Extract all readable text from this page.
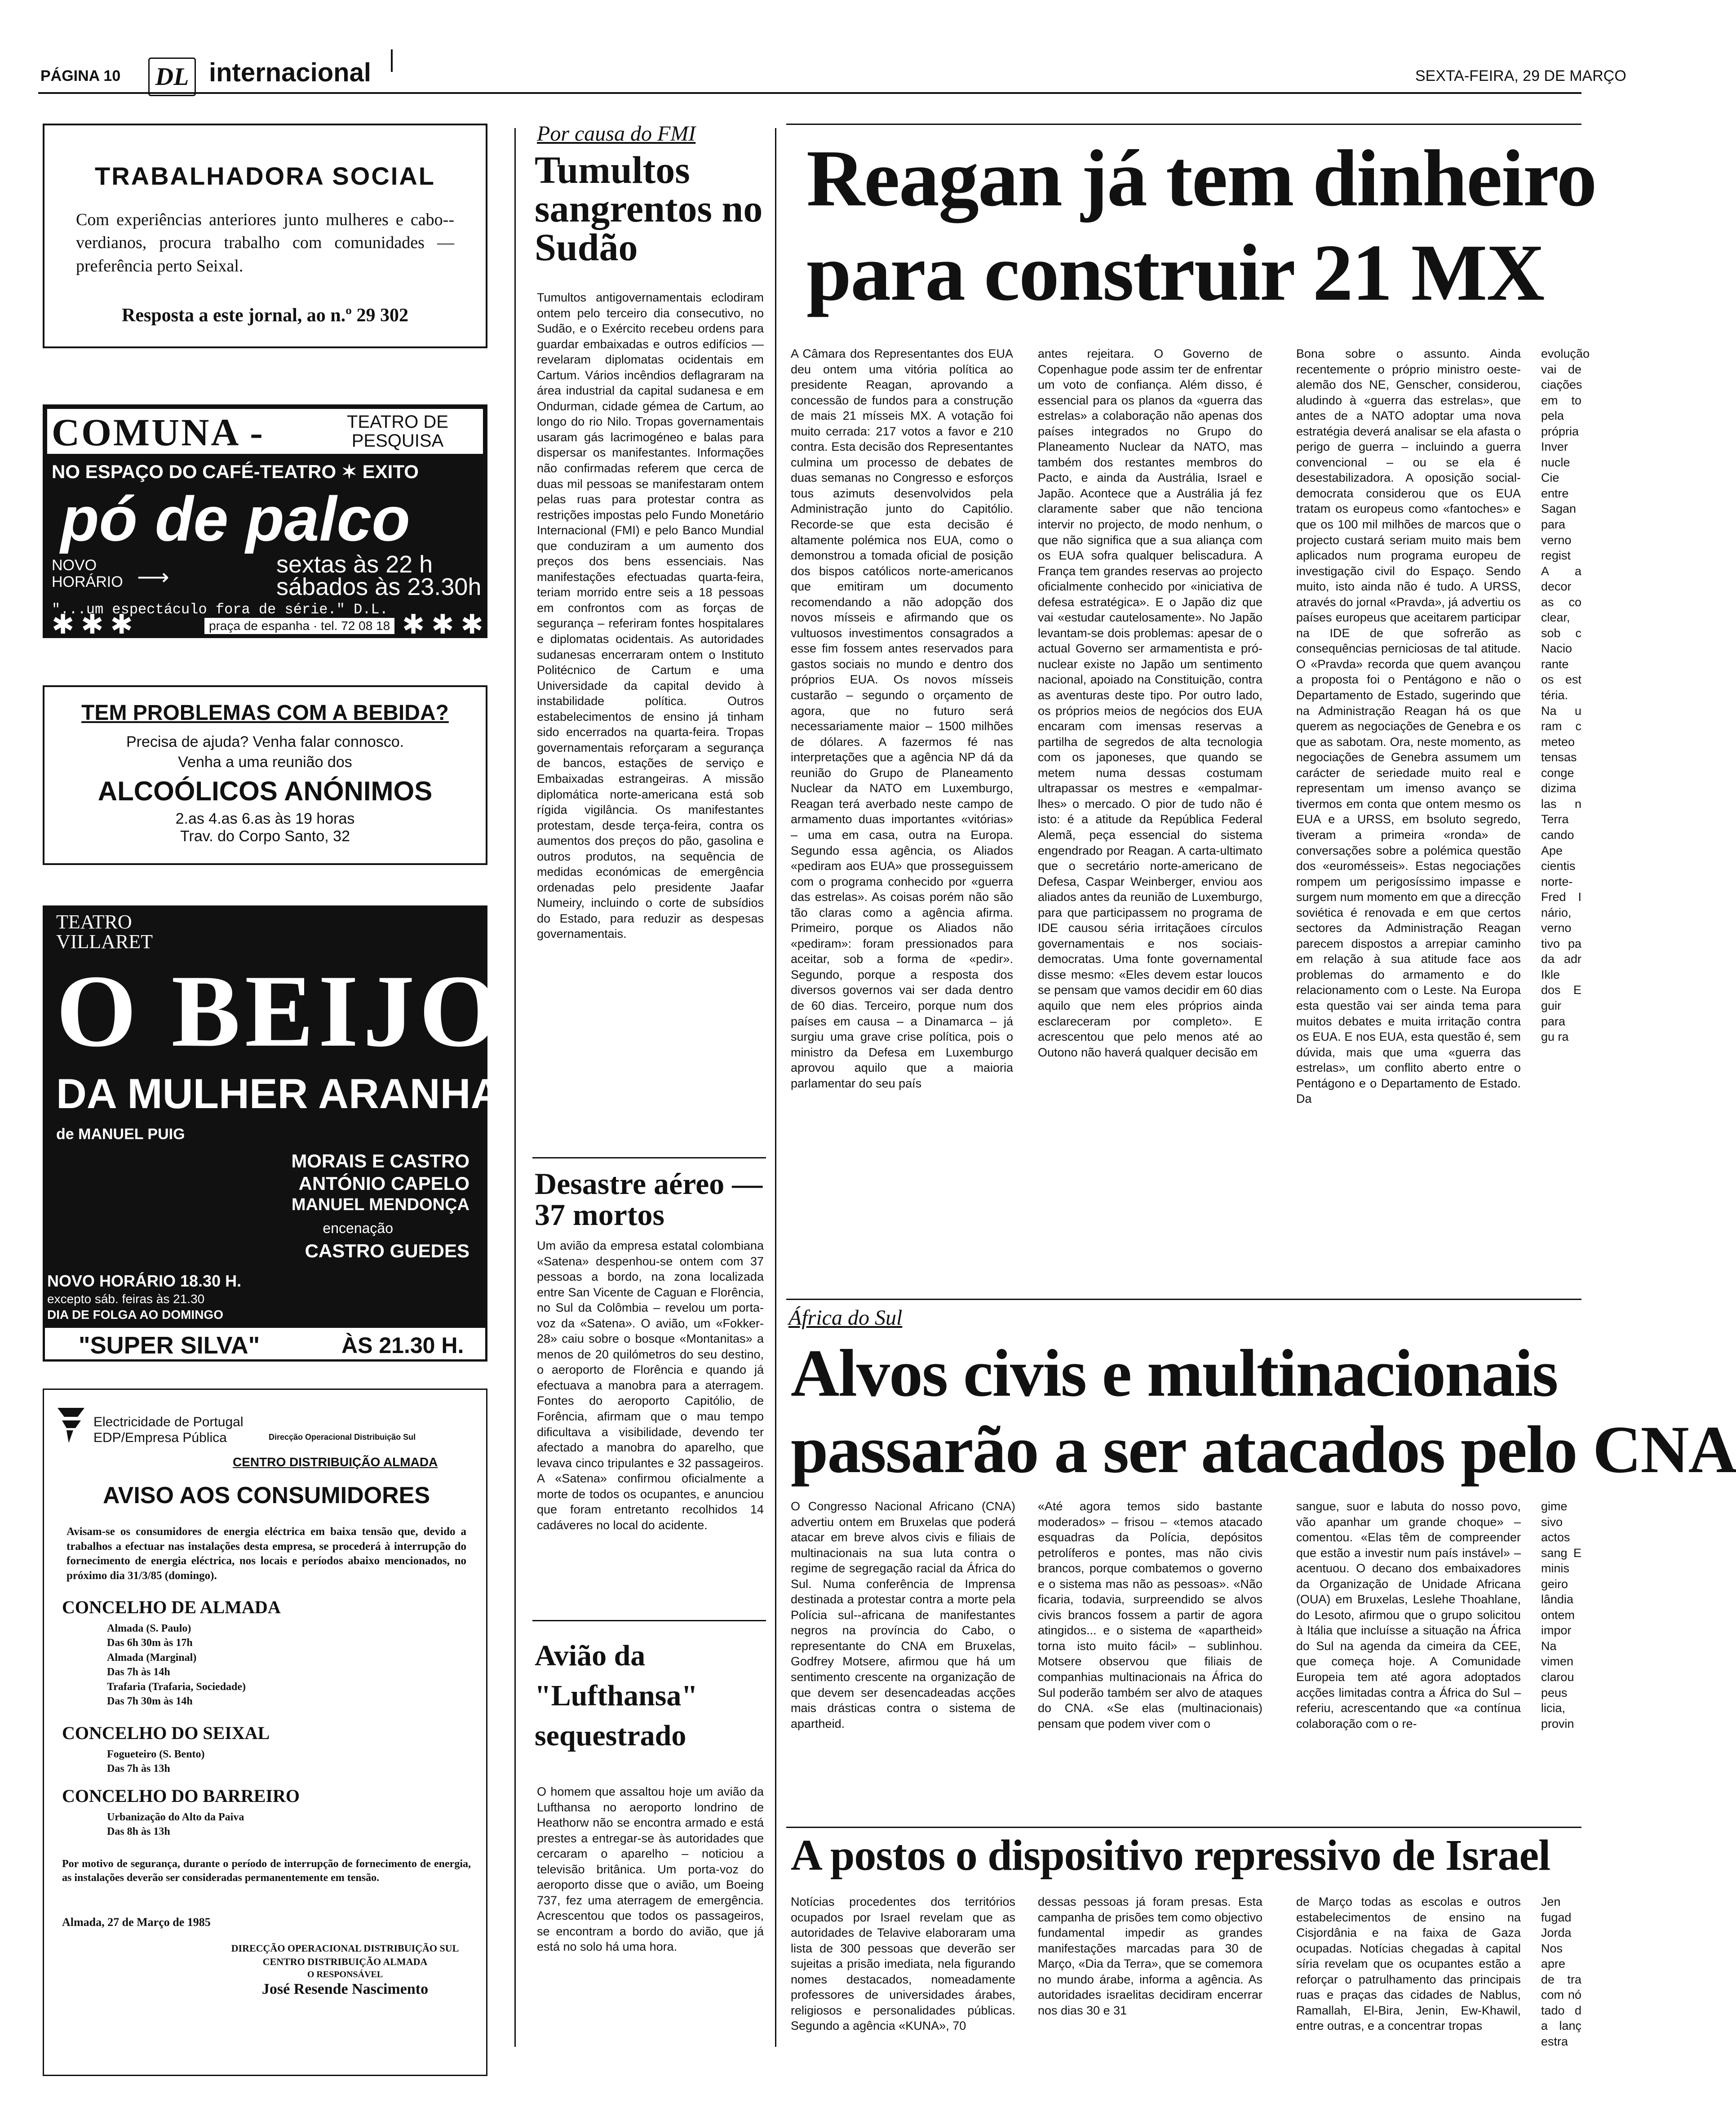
PÁGINA 10 DL internacional	SEXTA-FEIRA, 29 DE MARÇO
TRABALHADORA SOCIAL
Com experiências anteriores junto mulheres e cabo--verdianos, procura trabalho com comunidades — preferência perto Seixal.
Resposta a este jornal, ao n.º 29 302
COMUNA -	TEATRO DE PESQUISA
NO ESPAÇO DO CAFÉ-TEATRO ✶ EXITO
pó de palco
NOVO HORÁRIO ⟶	sextas às 22 h
sábados às 23.30h
"...um espectáculo fora de série." D.L.
✱ ✱ ✱	praça de espanha · tel. 72 08 18 ✱ ✱ ✱
TEM PROBLEMAS COM A BEBIDA?
Precisa de ajuda? Venha falar connosco.
Venha a uma reunião dos
ALCOÓLICOS ANÓNIMOS
2.as 4.as 6.as às 19 horas
Trav. do Corpo Santo, 32
TEATRO VILLARET
O BEIJO
DA MULHER ARANHA
de MANUEL PUIG
MORAIS E CASTRO
ANTÓNIO CAPELO
MANUEL MENDONÇA
encenação
CASTRO GUEDES
NOVO HORÁRIO 18.30 H.
excepto sáb. feiras às 21.30
DIA DE FOLGA AO DOMINGO
"SUPER SILVA"	ÀS 21.30 H.
Electricidade de Portugal
EDP/Empresa Pública	Direcção Operacional Distribuição Sul
CENTRO DISTRIBUIÇÃO ALMADA
AVISO AOS CONSUMIDORES
Avisam-se os consumidores de energia eléctrica em baixa tensão que, devido a trabalhos a efectuar nas instalações desta empresa, se procederá à interrupção do fornecimento de energia eléctrica, nos locais e períodos abaixo mencionados, no próximo dia 31/3/85 (domingo).
CONCELHO DE ALMADA
Almada (S. Paulo)
Das 6h 30m às 17h
Almada (Marginal)
Das 7h às 14h
Trafaria (Trafaria, Sociedade)
Das 7h 30m às 14h
CONCELHO DO SEIXAL
Fogueteiro (S. Bento)
Das 7h às 13h
CONCELHO DO BARREIRO
Urbanização do Alto da Paiva
Das 8h às 13h
Por motivo de segurança, durante o período de interrupção de fornecimento de energia, as instalações deverão ser consideradas permanentemente em tensão.
Almada, 27 de Março de 1985
DIRECÇÃO OPERACIONAL DISTRIBUIÇÃO SUL
CENTRO DISTRIBUIÇÃO ALMADA
O RESPONSÁVEL
José Resende Nascimento
Por causa do FMI
Tumultos sangrentos no Sudão
Tumultos antigovernamentais eclodiram ontem pelo terceiro dia consecutivo, no Sudão, e o Exército recebeu ordens para guardar embaixadas e outros edifícios — revelaram diplomatas ocidentais em Cartum. Vários incêndios deflagraram na área industrial da capital sudanesa e em Ondurman, cidade gémea de Cartum, ao longo do rio Nilo. Tropas governamentais usaram gás lacrimogéneo e balas para dispersar os manifestantes. Informações não confirmadas referem que cerca de duas mil pessoas se manifestaram ontem pelas ruas para protestar contra as restrições impostas pelo Fundo Monetário Internacional (FMI) e pelo Banco Mundial que conduziram a um aumento dos preços dos bens essenciais. Nas manifestações efectuadas quarta-feira, teriam morrido entre seis a 18 pessoas em confrontos com as forças de segurança – referiram fontes hospitalares e diplomatas ocidentais. As autoridades sudanesas encerraram ontem o Instituto Politécnico de Cartum e uma Universidade da capital devido à instabilidade política. Outros estabelecimentos de ensino já tinham sido encerrados na quarta-feira. Tropas governamentais reforçaram a segurança de bancos, estações de serviço e Embaixadas estrangeiras. A missão diplomática norte-americana está sob rígida vigilância. Os manifestantes protestam, desde terça-feira, contra os aumentos dos preços do pão, gasolina e outros produtos, na sequência de medidas económicas de emergência ordenadas pelo presidente Jaafar Numeiry, incluindo o corte de subsídios do Estado, para reduzir as despesas governamentais.
Desastre aéreo — 37 mortos
Um avião da empresa estatal colombiana «Satena» despenhou-se ontem com 37 pessoas a bordo, na zona localizada entre San Vicente de Caguan e Florência, no Sul da Colômbia – revelou um porta-voz da «Satena». O avião, um «Fokker-28» caiu sobre o bosque «Montanitas» a menos de 20 quilómetros do seu destino, o aeroporto de Florência e quando já efectuava a manobra para a aterragem. Fontes do aeroporto Capitólio, de Forência, afirmam que o mau tempo dificultava a visibilidade, devendo ter afectado a manobra do aparelho, que levava cinco tripulantes e 32 passageiros. A «Satena» confirmou oficialmente a morte de todos os ocupantes, e anunciou que foram entretanto recolhidos 14 cadáveres no local do acidente.
Avião da "Lufthansa" sequestrado
O homem que assaltou hoje um avião da Lufthansa no aeroporto londrino de Heathorw não se encontra armado e está prestes a entregar-se às autoridades que cercaram o aparelho – noticiou a televisão britânica. Um porta-voz do aeroporto disse que o avião, um Boeing 737, fez uma aterragem de emergência. Acrescentou que todos os passageiros, se encontram a bordo do avião, que já está no solo há uma hora.
Reagan já tem dinheiro
para construir 21 MX
A Câmara dos Representantes dos EUA deu ontem uma vitória política ao presidente Reagan, aprovando a concessão de fundos para a construção de mais 21 mísseis MX. A votação foi muito cerrada: 217 votos a favor e 210 contra. Esta decisão dos Representantes culmina um processo de debates de duas semanas no Congresso e esforços tous azimuts desenvolvidos pela Administração junto do Capitólio. Recorde-se que esta decisão é altamente polémica nos EUA, como o demonstrou a tomada oficial de posição dos bispos católicos norte-americanos que emitiram um documento recomendando a não adopção dos novos mísseis e afirmando que os vultuosos investimentos consagrados a esse fim fossem antes reservados para gastos sociais no mundo e dentro dos próprios EUA. Os novos mísseis custarão – segundo o orçamento de agora, que no futuro será necessariamente maior – 1500 milhões de dólares. A fazermos fé nas interpretações que a agência NP dá da reunião do Grupo de Planeamento Nuclear da NATO em Luxemburgo, Reagan terá averbado neste campo de armamento duas importantes «vitórias» – uma em casa, outra na Europa. Segundo essa agência, os Aliados «pediram aos EUA» que prosseguissem com o programa conhecido por «guerra das estrelas». As coisas porém não são tão claras como a agência afirma. Primeiro, porque os Aliados não «pediram»: foram pressionados para aceitar, sob a forma de «pedir». Segundo, porque a resposta dos diversos governos vai ser dada dentro de 60 dias. Terceiro, porque num dos países em causa – a Dinamarca – já surgiu uma grave crise política, pois o ministro da Defesa em Luxemburgo aprovou aquilo que a maioria parlamentar do seu país
antes rejeitara. O Governo de Copenhague pode assim ter de enfrentar um voto de confiança. Além disso, é essencial para os planos da «guerra das estrelas» a colaboração não apenas dos países integrados no Grupo do Planeamento Nuclear da NATO, mas também dos restantes membros do Pacto, e ainda da Austrália, Israel e Japão. Acontece que a Austrália já fez claramente saber que não tenciona intervir no projecto, de modo nenhum, o que não significa que a sua aliança com os EUA sofra qualquer beliscadura. A França tem grandes reservas ao projecto oficialmente conhecido por «iniciativa de defesa estratégica». E o Japão diz que vai «estudar cautelosamente». No Japão levantam-se dois problemas: apesar de o actual Governo ser armamentista e pró-nuclear existe no Japão um sentimento nacional, apoiado na Constituição, contra as aventuras deste tipo. Por outro lado, os próprios meios de negócios dos EUA encaram com imensas reservas a partilha de segredos de alta tecnologia com os japoneses, que quando se metem numa dessas costumam ultrapassar os mestres e «empalmar-lhes» o mercado. O pior de tudo não é isto: é a atitude da República Federal Alemã, peça essencial do sistema engendrado por Reagan. A carta-ultimato que o secretário norte-americano de Defesa, Caspar Weinberger, enviou aos aliados antes da reunião de Luxemburgo, para que participassem no programa de IDE causou séria irritaçãoes círculos governamentais e nos sociais-democratas. Uma fonte governamental disse mesmo: «Eles devem estar loucos se pensam que vamos decidir em 60 dias aquilo que nem eles próprios ainda esclareceram por completo». E acrescentou que pelo menos até ao Outono não haverá qualquer decisão em
Bona sobre o assunto. Ainda recentemente o próprio ministro oeste-alemão dos NE, Genscher, considerou, aludindo à «guerra das estrelas», que antes de a NATO adoptar uma nova estratégia deverá analisar se ela afasta o perigo de guerra – incluindo a guerra convencional – ou se ela é desestabilizadora. A oposição social-democrata considerou que os EUA tratam os europeus como «fantoches» e que os 100 mil milhões de marcos que o projecto custará seriam muito mais bem aplicados num programa europeu de investigação civil do Espaço. Sendo muito, isto ainda não é tudo. A URSS, através do jornal «Pravda», já advertiu os países europeus que aceitarem participar na IDE de que sofrerão as consequências perniciosas de tal atitude. O «Pravda» recorda que quem avançou a proposta foi o Pentágono e não o Departamento de Estado, sugerindo que na Administração Reagan há os que querem as negociações de Genebra e os que as sabotam. Ora, neste momento, as negociações de Genebra assumem um carácter de seriedade muito real e representam um imenso avanço se tivermos em conta que ontem mesmo os EUA e a URSS, em bsoluto segredo, tiveram a primeira «ronda» de conversações sobre a polémica questão dos «euromésseis». Estas negociações rompem um perigosíssimo impasse e surgem num momento em que a direcção soviética é renovada e em que certos sectores da Administração Reagan parecem dispostos a arrepiar caminho em relação à sua atitude face aos problemas do armamento e do relacionamento com o Leste. Na Europa esta questão vai ser ainda tema para muitos debates e muita irritação contra os EUA. E nos EUA, esta questão é, sem dúvida, mais que uma «guerra das estrelas», um conflito aberto entre o Pentágono e o Departamento de Estado. Da
evolução vai de ciações em to pela própria Inver nucle Cie entre Sagan para verno regist A a decor as co clear, sob c Nacio rante os est téria. Na u ram c meteo tensas conge dizima las n Terra cando Ape cientis norte- Fred I nário, verno tivo pa da adr Ikle dos E guir para gu ra
África do Sul
Alvos civis e multinacionais
passarão a ser atacados pelo CNA
O Congresso Nacional Africano (CNA) advertiu ontem em Bruxelas que poderá atacar em breve alvos civis e filiais de multinacionais na sua luta contra o regime de segregação racial da África do Sul. Numa conferência de Imprensa destinada a protestar contra a morte pela Polícia sul--africana de manifestantes negros na província do Cabo, o representante do CNA em Bruxelas, Godfrey Motsere, afirmou que há um sentimento crescente na organização de que devem ser desencadeadas acções mais drásticas contra o sistema de apartheid.
«Até agora temos sido bastante moderados» – frisou – «temos atacado esquadras da Polícia, depósitos petrolíferos e pontes, mas não civis brancos, porque combatemos o governo e o sistema mas não as pessoas». «Não ficaria, todavia, surpreendido se alvos civis brancos fossem a partir de agora atingidos... e o sistema de «apartheid» torna isto muito fácil» – sublinhou. Motsere observou que filiais de companhias multinacionais na África do Sul poderão também ser alvo de ataques do CNA. «Se elas (multinacionais) pensam que podem viver com o
sangue, suor e labuta do nosso povo, vão apanhar um grande choque» – comentou. «Elas têm de compreender que estão a investir num país instável» – acentuou. O decano dos embaixadores da Organização de Unidade Africana (OUA) em Bruxelas, Leslehe Thoahlane, do Lesoto, afirmou que o grupo solicitou à Itália que incluísse a situação na África do Sul na agenda da cimeira da CEE, que começa hoje. A Comunidade Europeia tem até agora adoptados acções limitadas contra a África do Sul – referiu, acrescentando que «a contínua colaboração com o re-
gime sivo actos sang E minis geiro lândia ontem impor Na vimen clarou peus licia, provin
A postos o dispositivo repressivo de Israel
Notícias procedentes dos territórios ocupados por Israel revelam que as autoridades de Telavive elaboraram uma lista de 300 pessoas que deverão ser sujeitas a prisão imediata, nela figurando nomes destacados, nomeadamente professores de universidades árabes, religiosos e personalidades públicas. Segundo a agência «KUNA», 70
dessas pessoas já foram presas. Esta campanha de prisões tem como objectivo fundamental impedir as grandes manifestações marcadas para 30 de Março, «Dia da Terra», que se comemora no mundo árabe, informa a agência. As autoridades israelitas decidiram encerrar nos dias 30 e 31
de Março todas as escolas e outros estabelecimentos de ensino na Cisjordânia e na faixa de Gaza ocupadas. Notícias chegadas à capital síria revelam que os ocupantes estão a reforçar o patrulhamento das principais ruas e praças das cidades de Nablus, Ramallah, El-Bira, Jenin, Ew-Khawil, entre outras, e a concentrar tropas
Jen fugad Jorda Nos apre de tra com nó tado d a lanç estra
